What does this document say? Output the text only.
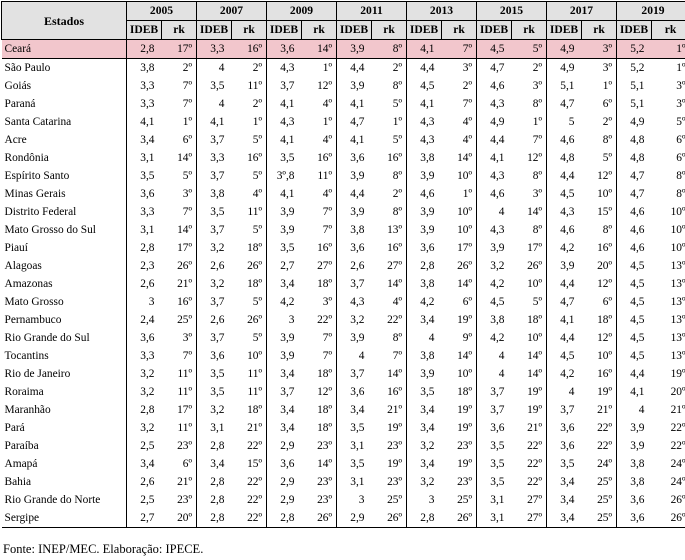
Estados	2005		2007		2009		2011		2013		2015		2017		2019	
	IDEB	rk	IDEB	rk	IDEB	rk	IDEB	rk	IDEB	rk	IDEB	rk	IDEB	rk	IDEB	rk
Ceará	2,8	17º	3,3	16º	3,6	14º	3,9	8º	4,1	7º	4,5	5º	4,9	3º	5,2	1º
São Paulo	3,8	2º	4	2º	4,3	1º	4,4	2º	4,4	3º	4,7	2º	4,9	3º	5,2	1º
Goiás	3,3	7º	3,5	11º	3,7	12º	3,9	8º	4,5	2º	4,6	3º	5,1	1º	5,1	3º
Paraná	3,3	7º	4	2º	4,1	4º	4,1	5º	4,1	7º	4,3	8º	4,7	6º	5,1	3º
Santa Catarina	4,1	1º	4,1	1º	4,3	1º	4,7	1º	4,3	4º	4,9	1º	5	2º	4,9	5º
Acre	3,4	6º	3,7	5º	4,1	4º	4,1	5º	4,3	4º	4,4	7º	4,6	8º	4,8	6º
Rondônia	3,1	14º	3,3	16º	3,5	16º	3,6	16º	3,8	14º	4,1	12º	4,8	5º	4,8	6º
Espírito Santo	3,5	5º	3,7	5º	3º,8	11º	3,9	8º	3,9	10º	4,3	8º	4,4	12º	4,7	8º
Minas Gerais	3,6	3º	3,8	4º	4,1	4º	4,4	2º	4,6	1º	4,6	3º	4,5	10º	4,7	8º
Distrito Federal	3,3	7º	3,5	11º	3,9	7º	3,9	8º	3,9	10º	4	14º	4,3	15º	4,6	10º
Mato Grosso do Sul	3,1	14º	3,7	5º	3,9	7º	3,8	13º	3,9	10º	4,3	8º	4,6	8º	4,6	10º
Piauí	2,8	17º	3,2	18º	3,5	16º	3,6	16º	3,6	17º	3,9	17º	4,2	16º	4,6	10º
Alagoas	2,3	26º	2,6	26º	2,7	27º	2,6	27º	2,8	26º	3,2	26º	3,9	20º	4,5	13º
Amazonas	2,6	21º	3,2	18º	3,4	18º	3,7	14º	3,8	14º	4,2	10º	4,4	12º	4,5	13º
Mato Grosso	3	16º	3,7	5º	4,2	3º	4,3	4º	4,2	6º	4,5	5º	4,7	6º	4,5	13º
Pernambuco	2,4	25º	2,6	26º	3	22º	3,2	22º	3,4	19º	3,8	18º	4,1	18º	4,5	13º
Rio Grande do Sul	3,6	3º	3,7	5º	3,9	7º	3,9	8º	4	9º	4,2	10º	4,4	12º	4,5	13º
Tocantins	3,3	7º	3,6	10º	3,9	7º	4	7º	3,8	14º	4	14º	4,5	10º	4,5	13º
Rio de Janeiro	3,2	11º	3,5	11º	3,4	18º	3,7	14º	3,9	10º	4	14º	4,2	16º	4,4	19º
Roraima	3,2	11º	3,5	11º	3,7	12º	3,6	16º	3,5	18º	3,7	19º	4	19º	4,1	20º
Maranhão	2,8	17º	3,2	18º	3,4	18º	3,4	21º	3,4	19º	3,7	19º	3,7	21º	4	21º
Pará	3,2	11º	3,1	21º	3,4	18º	3,5	19º	3,4	19º	3,6	21º	3,6	22º	3,9	22º
Paraíba	2,5	23º	2,8	22º	2,9	23º	3,1	23º	3,2	23º	3,5	22º	3,6	22º	3,9	22º
Amapá	3,4	6º	3,4	15º	3,6	14º	3,5	19º	3,4	19º	3,5	22º	3,5	24º	3,8	24º
Bahia	2,6	21º	2,8	22º	2,9	23º	3,1	23º	3,2	23º	3,5	22º	3,4	25º	3,8	24º
Rio Grande do Norte	2,5	23º	2,8	22º	2,9	23º	3	25º	3	25º	3,1	27º	3,4	25º	3,6	26º
Sergipe	2,7	20º	2,8	22º	2,8	26º	2,9	26º	2,8	26º	3,1	27º	3,4	25º	3,6	26º
Fonte: INEP/MEC. Elaboração: IPECE.
